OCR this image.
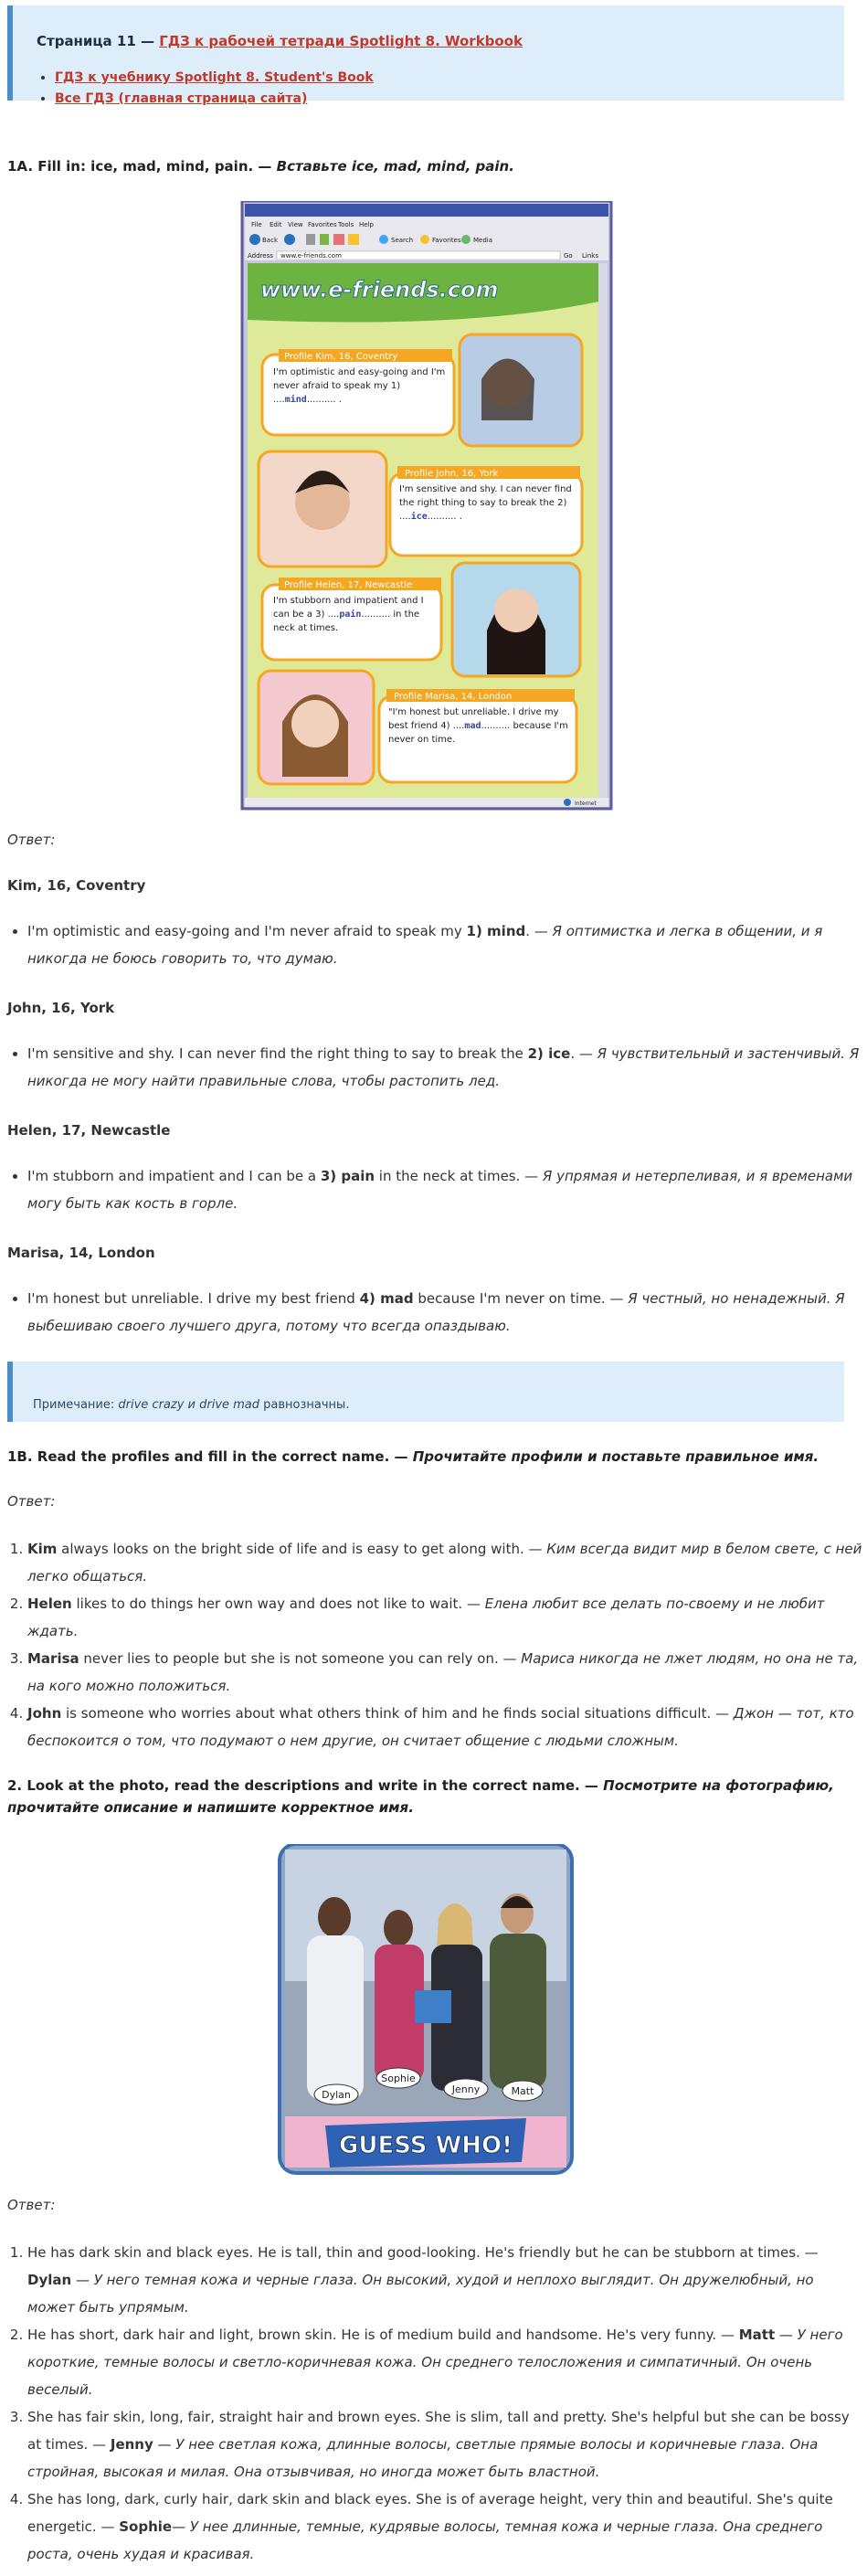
Страница 11 — ГДЗ к рабочей тетради Spotlight 8. Workbook
• ГДЗ к учебнику Spotlight 8. Student's Book
• Все ГДЗ (главная страница сайта)

1A. Fill in: ice, mad, mind, pain. — Вставьте ice, mad, mind, pain.

File Edit View Favorites Tools Help
Back	Search	Favorites Media
Address www.e-friends.com	Go Links
www.e-friends.com
Profile Kim, 16, Coventry
I'm optimistic and easy-going and I'm never afraid to speak my 1) ....mind.......... .
Profile John, 16, York
I'm sensitive and shy. I can never find the right thing to say to break the 2) ....ice.......... .
Profile Helen, 17, Newcastle
I'm stubborn and impatient and I can be a 3) ....pain.......... in the neck at times.
Profile Marisa, 14, London
"I'm honest but unreliable. I drive my best friend 4) ....mad.......... because I'm never on time.
Internet

Ответ:

Kim, 16, Coventry

• I'm optimistic and easy-going and I'm never afraid to speak my 1) mind. — Я оптимистка и легка в общении, и я никогда не боюсь говорить то, что думаю.

John, 16, York

• I'm sensitive and shy. I can never find the right thing to say to break the 2) ice. — Я чувствительный и застенчивый. Я никогда не могу найти правильные слова, чтобы растопить лед.

Helen, 17, Newcastle

• I'm stubborn and impatient and I can be a 3) pain in the neck at times. — Я упрямая и нетерпеливая, и я временами могу быть как кость в горле.

Marisa, 14, London

• I'm honest but unreliable. I drive my best friend 4) mad because I'm never on time. — Я честный, но ненадежный. Я выбешиваю своего лучшего друга, потому что всегда опаздываю.
Примечание: drive crazy и drive mad равнозначны.

1B. Read the profiles and fill in the correct name. — Прочитайте профили и поставьте правильное имя.

Ответ:

1. Kim always looks on the bright side of life and is easy to get along with. — Ким всегда видит мир в белом свете, с ней легко общаться.
2. Helen likes to do things her own way and does not like to wait. — Елена любит все делать по-своему и не любит ждать.
3. Marisa never lies to people but she is not someone you can rely on. — Мариса никогда не лжет людям, но она не та, на кого можно положиться.
4. John is someone who worries about what others think of him and he finds social situations difficult. — Джон — тот, кто беспокоится о том, что подумают о нем другие, он считает общение с людьми сложным.

2. Look at the photo, read the descriptions and write in the correct name. — Посмотрите на фотографию, прочитайте описание и напишите корректное имя.

Dylan
Sophie
Jenny	Matt
GUESS WHO!

Ответ:

1. He has dark skin and black eyes. He is tall, thin and good-looking. He's friendly but he can be stubborn at times. — Dylan — У него темная кожа и черные глаза. Он высокий, худой и неплохо выглядит. Он дружелюбный, но может быть упрямым.
2. He has short, dark hair and light, brown skin. He is of medium build and handsome. He's very funny. — Matt — У него короткие, темные волосы и светло-коричневая кожа. Он среднего телосложения и симпатичный. Он очень веселый.
3. She has fair skin, long, fair, straight hair and brown eyes. She is slim, tall and pretty. She's helpful but she can be bossy at times. — Jenny — У нее светлая кожа, длинные волосы, светлые прямые волосы и коричневые глаза. Она стройная, высокая и милая. Она отзывчивая, но иногда может быть властной.
4. She has long, dark, curly hair, dark skin and black eyes. She is of average height, very thin and beautiful. She's quite energetic. — Sophie— У нее длинные, темные, кудрявые волосы, темная кожа и черные глаза. Она среднего роста, очень худая и красивая.
